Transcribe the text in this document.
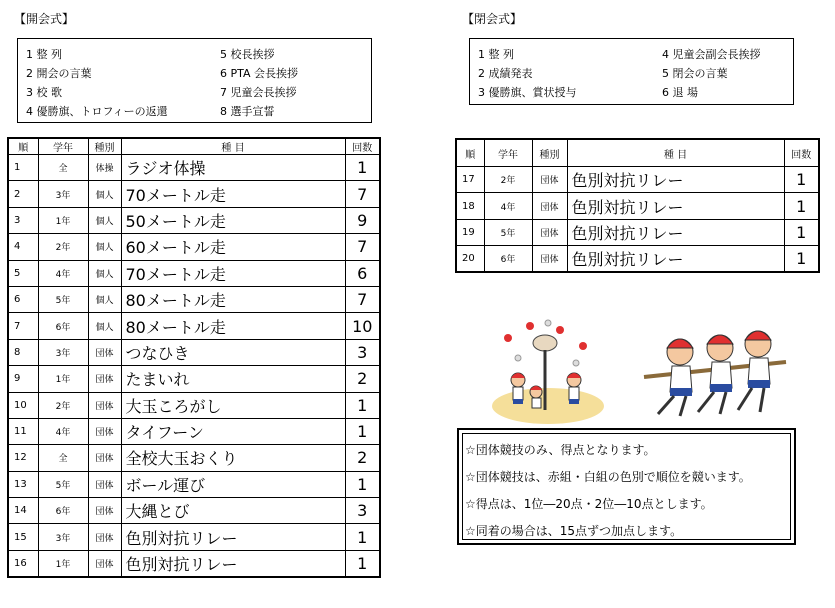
【開会式】
1 整 列
2 開会の言葉
3 校 歌
4 優勝旗、トロフィーの返還
5 校長挨拶
6 PTA 会長挨拶
7 児童会長挨拶
8 選手宣誓
順	学年	種別	種 目	回数
1	全	体操	ラジオ体操	1
2	3年	個人	70メートル走	7
3	1年	個人	50メートル走	9
4	2年	個人	60メートル走	7
5	4年	個人	70メートル走	6
6	5年	個人	80メートル走	7
7	6年	個人	80メートル走	10
8	3年	団体	つなひき	3
9	1年	団体	たまいれ	2
10	2年	団体	大玉ころがし	1
11	4年	団体	タイフーン	1
12	全	団体	全校大玉おくり	2
13	5年	団体	ボール運び	1
14	6年	団体	大縄とび	3
15	3年	団体	色別対抗リレー	1
16	1年	団体	色別対抗リレー	1
【閉会式】
1 整 列
2 成績発表
3 優勝旗、賞状授与
4 児童会副会長挨拶
5 閉会の言葉
6 退 場
順	学年	種別	種 目	回数
17	2年	団体	色別対抗リレー	1
18	4年	団体	色別対抗リレー	1
19	5年	団体	色別対抗リレー	1
20	6年	団体	色別対抗リレー	1
☆団体競技のみ、得点となります。
☆団体競技は、赤組・白組の色別で順位を競います。
☆得点は、1位―20点・2位―10点とします。
☆同着の場合は、15点ずつ加点します。
